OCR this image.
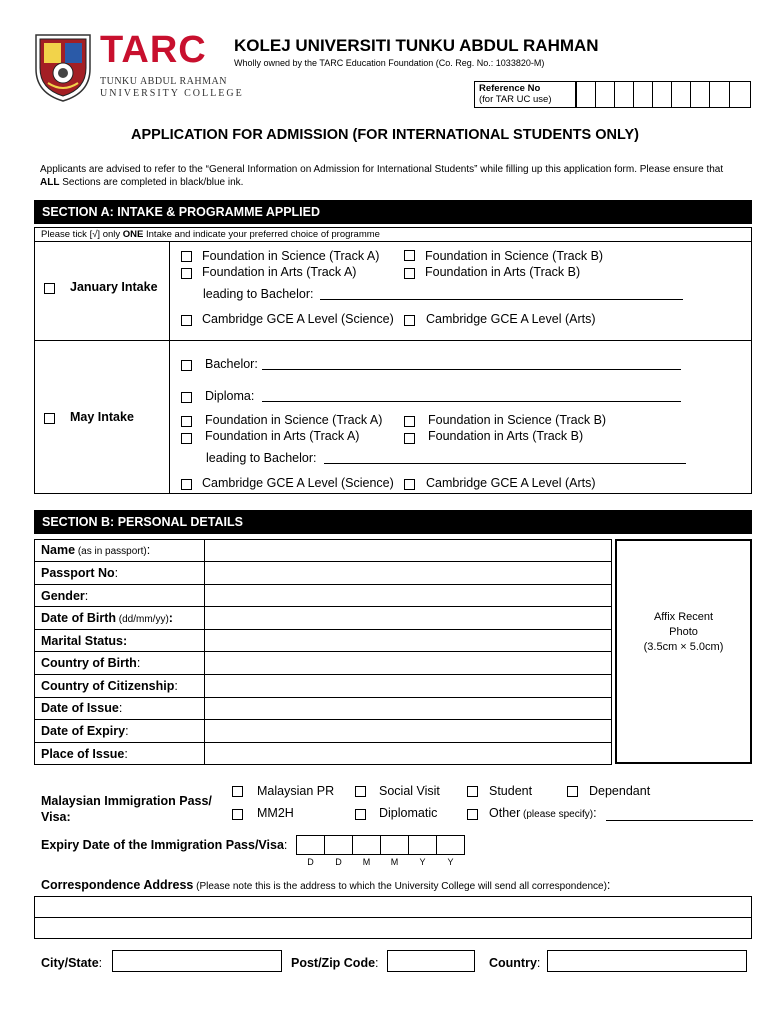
TARC
TUNKU ABDUL RAHMAN
UNIVERSITY COLLEGE
KOLEJ UNIVERSITI TUNKU ABDUL RAHMAN
Wholly owned by the TARC Education Foundation (Co. Reg. No.: 1033820-M)
Reference No
(for TAR UC use)
APPLICATION FOR ADMISSION (FOR INTERNATIONAL STUDENTS ONLY)
Applicants are advised to refer to the “General Information on Admission for International Students” while filling up this application form. Please ensure that ALL Sections are completed in black/blue ink.
SECTION A: INTAKE & PROGRAMME APPLIED
Please tick [√] only ONE Intake and indicate your preferred choice of programme
January Intake
Foundation in Science (Track A)	Foundation in Science (Track B)
Foundation in Arts (Track A)	Foundation in Arts (Track B)
leading to Bachelor:
Cambridge GCE A Level (Science)	Cambridge GCE A Level (Arts)
May Intake
Bachelor:
Diploma:
Foundation in Science (Track A)	Foundation in Science (Track B)
Foundation in Arts (Track A)	Foundation in Arts (Track B)
leading to Bachelor:
Cambridge GCE A Level (Science)	Cambridge GCE A Level (Arts)
SECTION B: PERSONAL DETAILS
Name (as in passport):
Passport No:
Gender:
Date of Birth (dd/mm/yy):
Marital Status:
Country of Birth:
Country of Citizenship:
Date of Issue:
Date of Expiry:
Place of Issue:
Affix Recent
Photo
(3.5cm × 5.0cm)
Malaysian Immigration Pass/
Visa:
Malaysian PR	Social Visit	Student	Dependant
MM2H	Diplomatic	Other (please specify):
Expiry Date of the Immigration Pass/Visa:
D	D	M	M	Y	Y
Correspondence Address (Please note this is the address to which the University College will send all correspondence):
City/State:	Post/Zip Code:	Country:
